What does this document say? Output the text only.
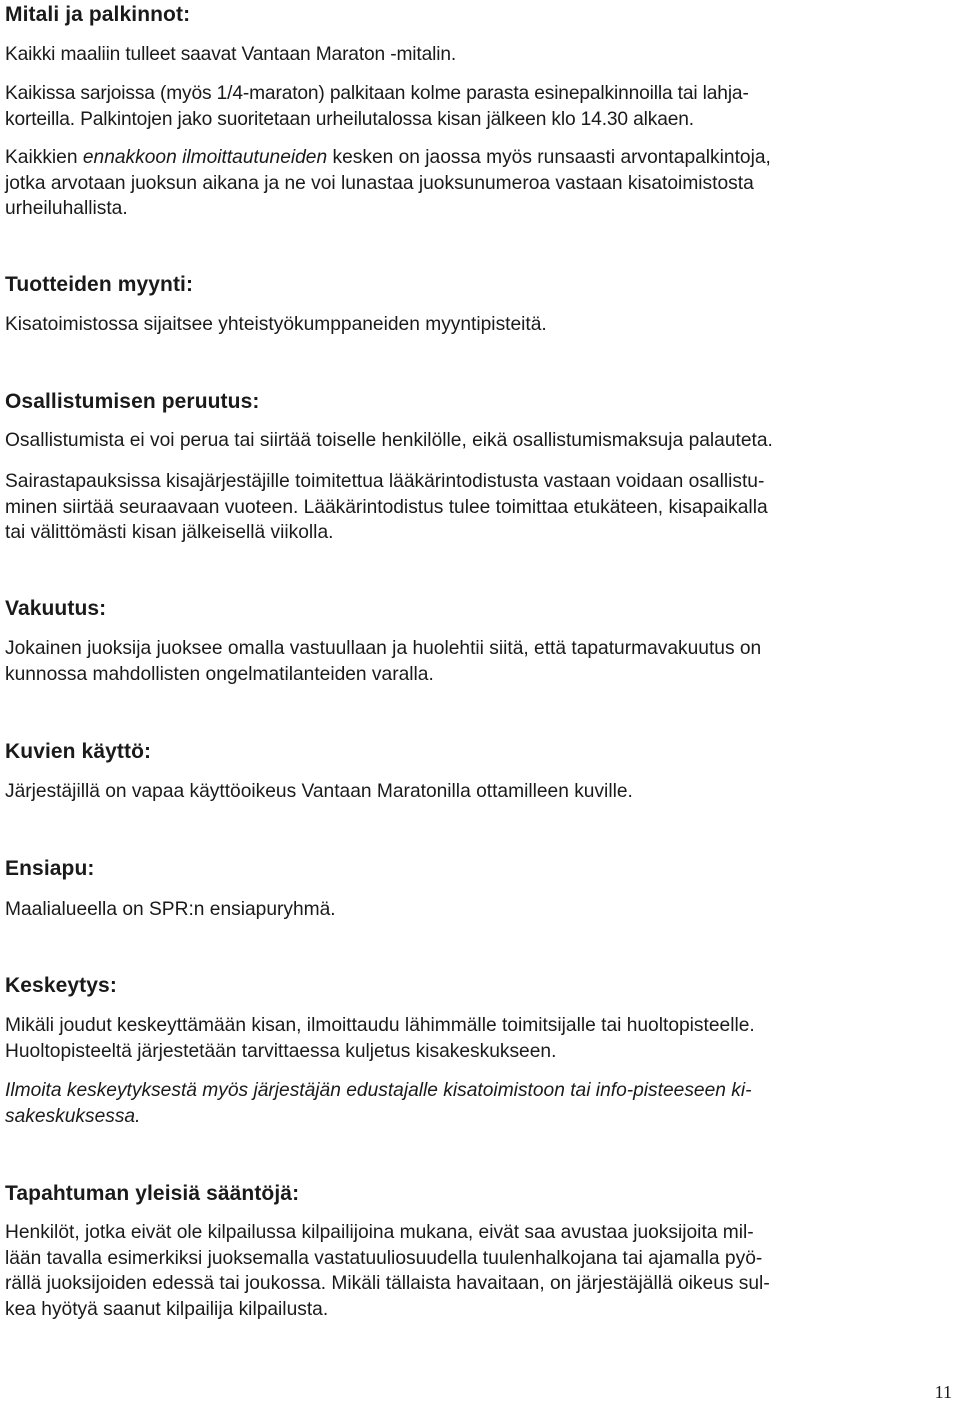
Mitali ja palkinnot:

Kaikki maaliin tulleet saavat Vantaan Maraton -mitalin.

Kaikissa sarjoissa (myös 1/4-maraton) palkitaan kolme parasta esinepalkinnoilla tai lahja-
korteilla. Palkintojen jako suoritetaan urheilutalossa kisan jälkeen klo 14.30 alkaen.

Kaikkien ennakkoon ilmoittautuneiden kesken on jaossa myös runsaasti arvontapalkintoja,
jotka arvotaan juoksun aikana ja ne voi lunastaa juoksunumeroa vastaan kisatoimistosta
urheiluhallista.

Tuotteiden myynti:

Kisatoimistossa sijaitsee yhteistyökumppaneiden myyntipisteitä.

Osallistumisen peruutus:

Osallistumista ei voi perua tai siirtää toiselle henkilölle, eikä osallistumismaksuja palauteta.

Sairastapauksissa kisajärjestäjille toimitettua lääkärintodistusta vastaan voidaan osallistu-
minen siirtää seuraavaan vuoteen. Lääkärintodistus tulee toimittaa etukäteen, kisapaikalla
tai välittömästi kisan jälkeisellä viikolla.

Vakuutus:

Jokainen juoksija juoksee omalla vastuullaan ja huolehtii siitä, että tapaturmavakuutus on
kunnossa mahdollisten ongelmatilanteiden varalla.

Kuvien käyttö:

Järjestäjillä on vapaa käyttöoikeus Vantaan Maratonilla ottamilleen kuville.

Ensiapu:

Maalialueella on SPR:n ensiapuryhmä.

Keskeytys:

Mikäli joudut keskeyttämään kisan, ilmoittaudu lähimmälle toimitsijalle tai huoltopisteelle.
Huoltopisteeltä järjestetään tarvittaessa kuljetus kisakeskukseen.

Ilmoita keskeytyksestä myös järjestäjän edustajalle kisatoimistoon tai info-pisteeseen ki-
sakeskuksessa.

Tapahtuman yleisiä sääntöjä:

Henkilöt, jotka eivät ole kilpailussa kilpailijoina mukana, eivät saa avustaa juoksijoita mil-
lään tavalla esimerkiksi juoksemalla vastatuuliosuudella tuulenhalkojana tai ajamalla pyö-
rällä juoksijoiden edessä tai joukossa. Mikäli tällaista havaitaan, on järjestäjällä oikeus sul-
kea hyötyä saanut kilpailija kilpailusta.

11
